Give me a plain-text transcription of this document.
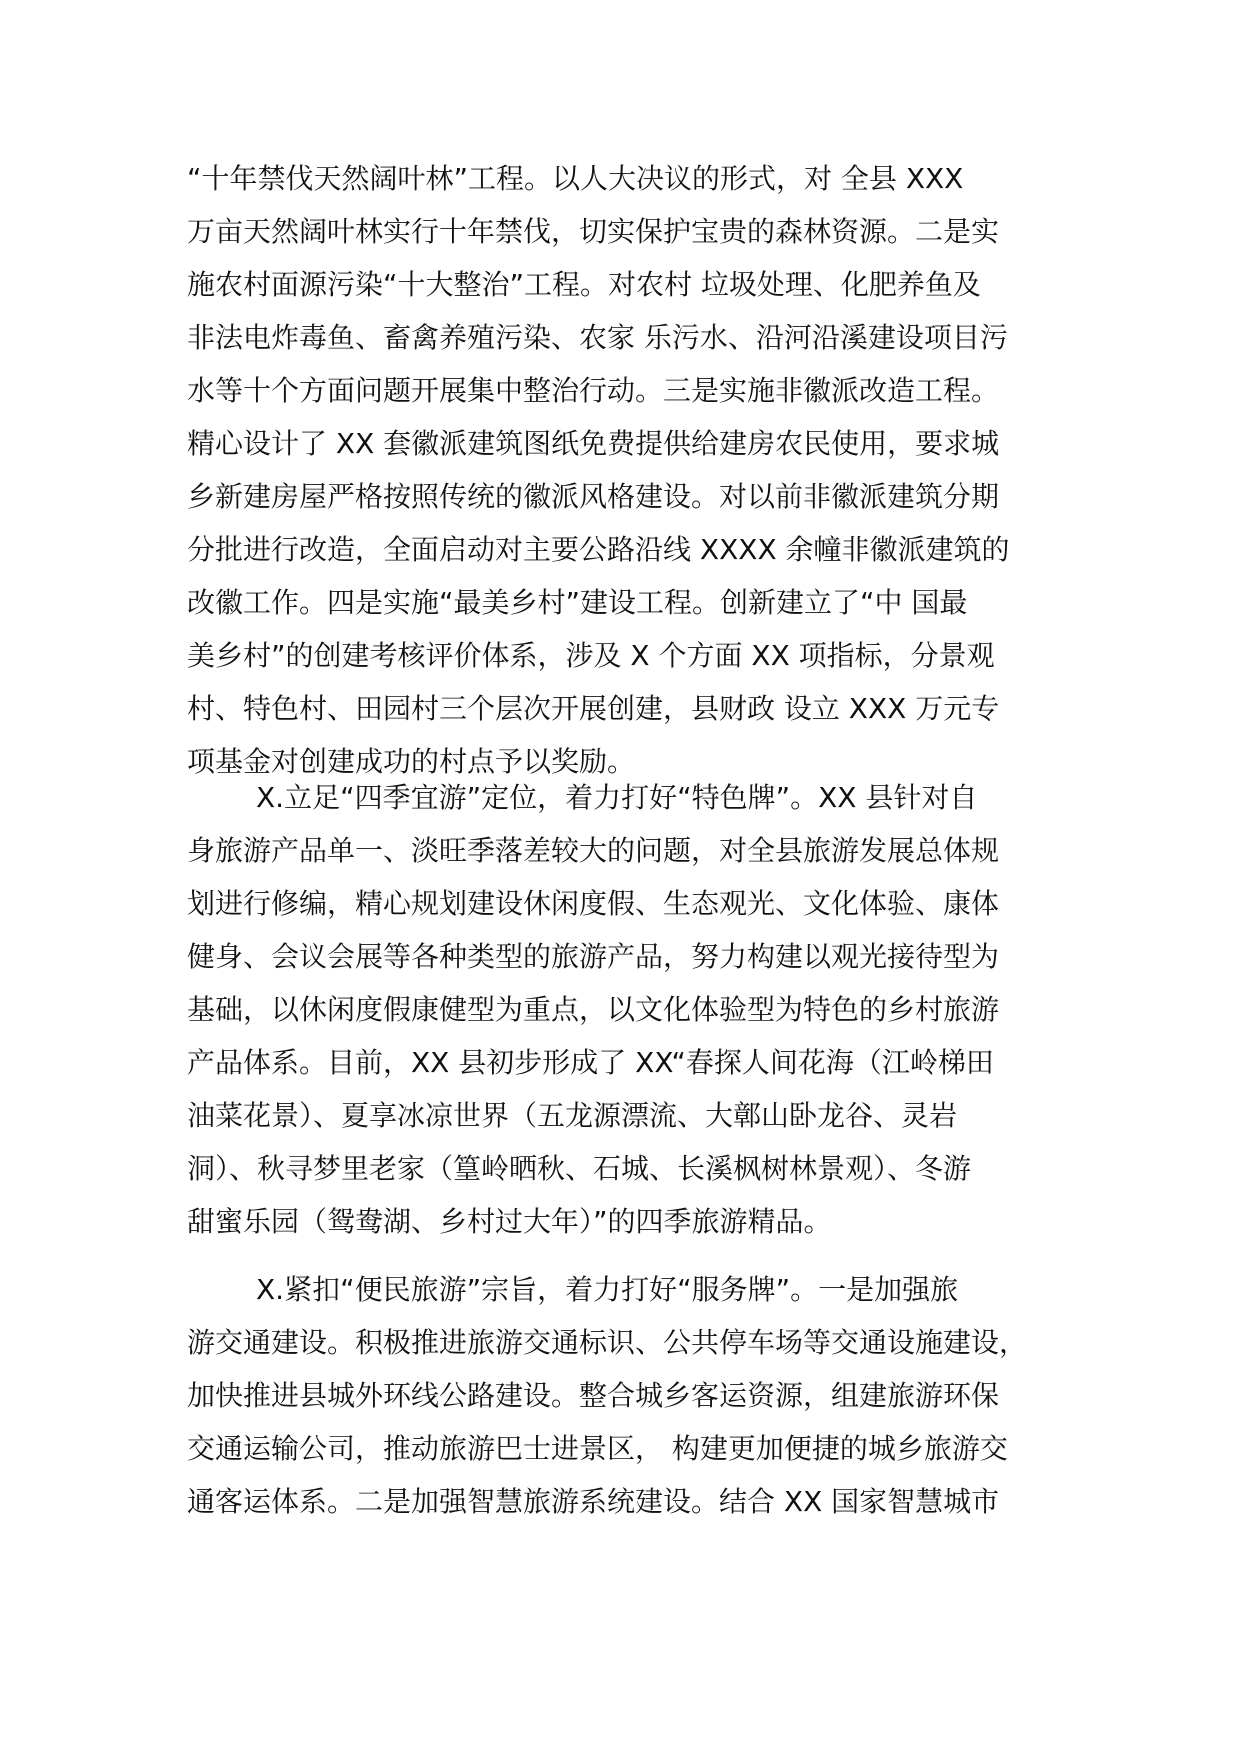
“十年禁伐天然阔叶林”工程。以人大决议的形式，对 全县 XXX
万亩天然阔叶林实行十年禁伐，切实保护宝贵的森林资源。二是实
施农村面源污染“十大整治”工程。对农村 垃圾处理、化肥养鱼及
非法电炸毒鱼、畜禽养殖污染、农家 乐污水、沿河沿溪建设项目污
水等十个方面问题开展集中整治行动。三是实施非徽派改造工程。
精心设计了 XX 套徽派建筑图纸免费提供给建房农民使用，要求城
乡新建房屋严格按照传统的徽派风格建设。对以前非徽派建筑分期
分批进行改造，全面启动对主要公路沿线 XXXX 余幢非徽派建筑的
改徽工作。四是实施“最美乡村”建设工程。创新建立了“中 国最
美乡村”的创建考核评价体系，涉及 X 个方面 XX 项指标，分景观
村、特色村、田园村三个层次开展创建，县财政 设立 XXX 万元专
项基金对创建成功的村点予以奖励。
X.立足“四季宜游”定位，着力打好“特色牌”。XX 县针对自
身旅游产品单一、淡旺季落差较大的问题，对全县旅游发展总体规
划进行修编，精心规划建设休闲度假、生态观光、文化体验、康体
健身、会议会展等各种类型的旅游产品，努力构建以观光接待型为
基础，以休闲度假康健型为重点，以文化体验型为特色的乡村旅游
产品体系。目前，XX 县初步形成了 XX“春探人间花海（江岭梯田
油菜花景）、夏享冰凉世界（五龙源漂流、大鄣山卧龙谷、灵岩
洞）、秋寻梦里老家（篁岭晒秋、石城、长溪枫树林景观）、冬游
甜蜜乐园（鸳鸯湖、乡村过大年）”的四季旅游精品。
X.紧扣“便民旅游”宗旨，着力打好“服务牌”。一是加强旅
游交通建设。积极推进旅游交通标识、公共停车场等交通设施建设，
加快推进县城外环线公路建设。整合城乡客运资源，组建旅游环保
交通运输公司，推动旅游巴士进景区， 构建更加便捷的城乡旅游交
通客运体系。二是加强智慧旅游系统建设。结合 XX 国家智慧城市
